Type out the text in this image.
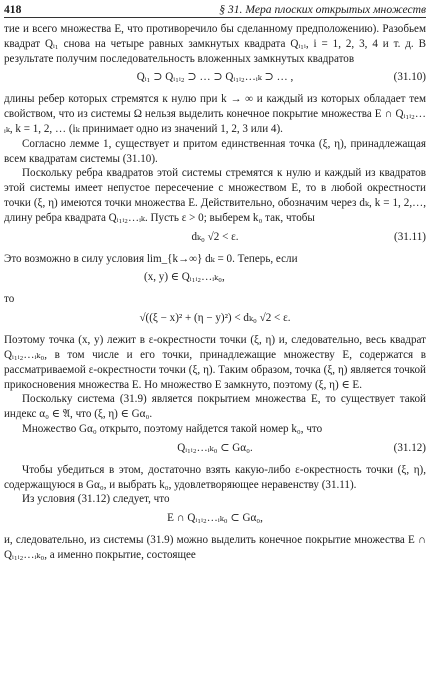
418	§ 31. Мера плоских открытых множеств

тие и всего множества E, что противоречило бы сделанному предположению). Разобьем квадрат Qᵢ₁ снова на четыре равных замкнутых квадрата Qᵢ₁ᵢ, i = 1, 2, 3, 4 и т. д. В результате получим последовательность вложенных замкнутых квадратов

Qᵢ₁ ⊃ Qᵢ₁ᵢ₂ ⊃ … ⊃ Qᵢ₁ᵢ₂…ᵢₖ ⊃ … ,	(31.10)

длины ребер которых стремятся к нулю при k → ∞ и каждый из которых обладает тем свойством, что из системы Ω нельзя выделить конечное покрытие множества E ∩ Qᵢ₁ᵢ₂…ᵢₖ, k = 1, 2, … (iₖ принимает одно из значений 1, 2, 3 или 4).

Согласно лемме 1, существует и притом единственная точка (ξ, η), принадлежащая всем квадратам системы (31.10).

Поскольку ребра квадратов этой системы стремятся к нулю и каждый из квадратов этой системы имеет непустое пересечение с множеством E, то в любой окрестности точки (ξ, η) имеются точки множества E. Действительно, обозначим через dₖ, k = 1, 2,…, длину ребра квадрата Qᵢ₁ᵢ₂…ᵢₖ. Пусть ε > 0; выберем k₀ так, чтобы

dₖ₀ √2 < ε.	(31.11)

Это возможно в силу условия lim_{k→∞} dₖ = 0. Теперь, если

(x, y) ∈ Qᵢ₁ᵢ₂…ᵢₖ₀,

то

√((ξ − x)² + (η − y)²) < dₖ₀ √2 < ε.

Поэтому точка (x, y) лежит в ε-окрестности точки (ξ, η) и, следовательно, весь квадрат Qᵢ₁ᵢ₂…ᵢₖ₀, в том числе и его точки, принадлежащие множеству E, содержатся в рассматриваемой ε-окрестности точки (ξ, η). Таким образом, точка (ξ, η) является точкой прикосновения множества E. Но множество E замкнуто, поэтому (ξ, η) ∈ E.

Поскольку система (31.9) является покрытием множества E, то существует такой индекс α₀ ∈ 𝔄, что (ξ, η) ∈ Gα₀.

Множество Gα₀ открыто, поэтому найдется такой номер k₀, что

Qᵢ₁ᵢ₂…ᵢₖ₀ ⊂ Gα₀.	(31.12)

Чтобы убедиться в этом, достаточно взять какую-либо ε-окрестность точки (ξ, η), содержащуюся в Gα₀, и выбрать k₀, удовлетворяющее неравенству (31.11).

Из условия (31.12) следует, что

E ∩ Qᵢ₁ᵢ₂…ᵢₖ₀ ⊂ Gα₀,

и, следовательно, из системы (31.9) можно выделить конечное покрытие множества E ∩ Qᵢ₁ᵢ₂…ᵢₖ₀, а именно покрытие, состоящее
